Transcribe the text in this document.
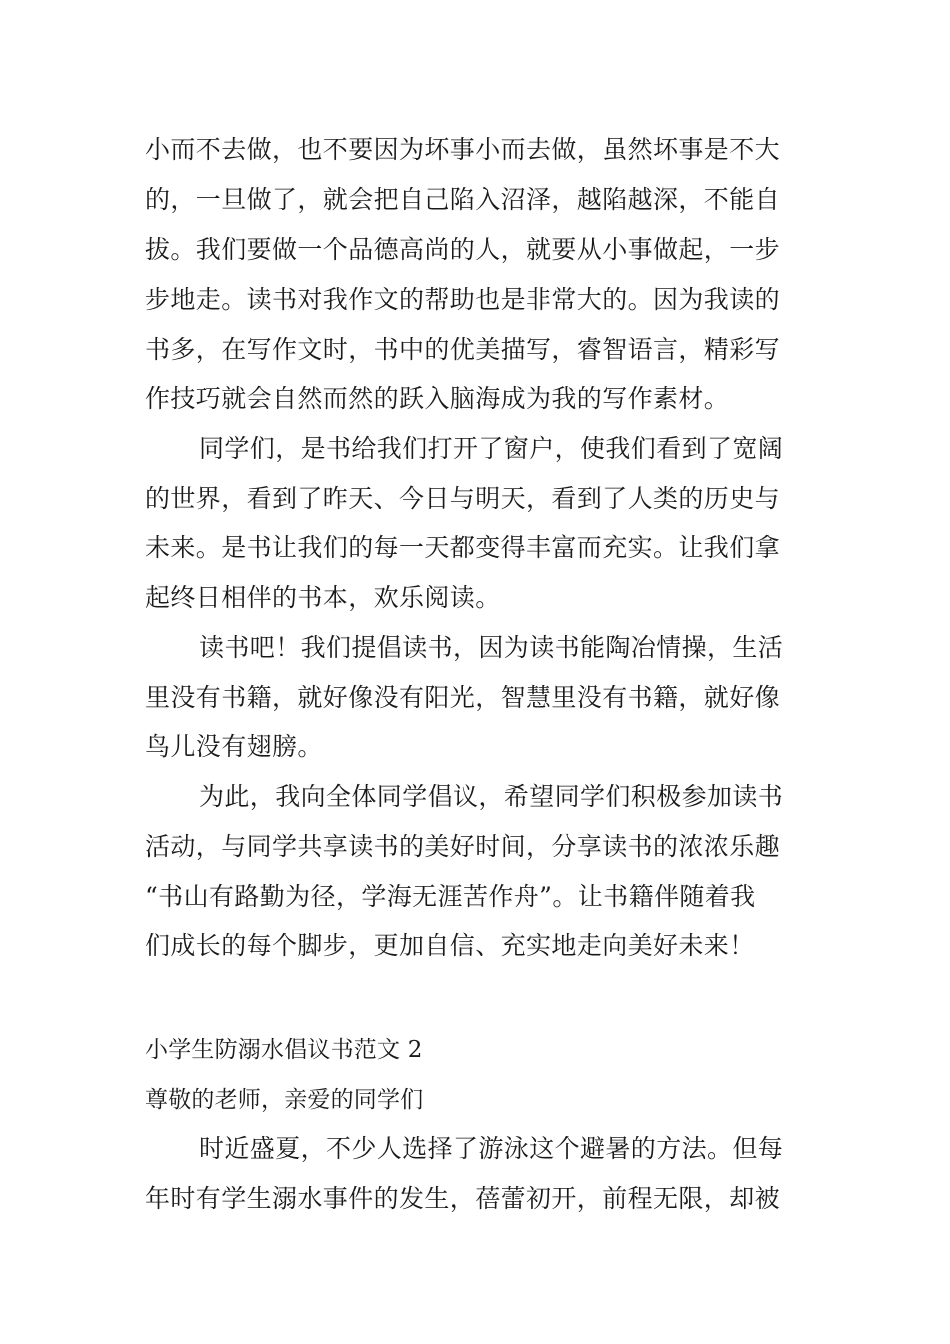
小而不去做，也不要因为坏事小而去做，虽然坏事是不大
的，一旦做了，就会把自己陷入沼泽，越陷越深，不能自
拔。我们要做一个品德高尚的人，就要从小事做起，一步
步地走。读书对我作文的帮助也是非常大的。因为我读的
书多，在写作文时，书中的优美描写，睿智语言，精彩写
作技巧就会自然而然的跃入脑海成为我的写作素材。
同学们，是书给我们打开了窗户，使我们看到了宽阔
的世界，看到了昨天、今日与明天，看到了人类的历史与
未来。是书让我们的每一天都变得丰富而充实。让我们拿
起终日相伴的书本，欢乐阅读。
读书吧！我们提倡读书，因为读书能陶冶情操，生活
里没有书籍，就好像没有阳光，智慧里没有书籍，就好像
鸟儿没有翅膀。
为此，我向全体同学倡议，希望同学们积极参加读书
活动，与同学共享读书的美好时间，分享读书的浓浓乐趣
“书山有路勤为径，学海无涯苦作舟”。让书籍伴随着我
们成长的每个脚步，更加自信、充实地走向美好未来！
小学生防溺水倡议书范文 2
尊敬的老师，亲爱的同学们
时近盛夏，不少人选择了游泳这个避暑的方法。但每
年时有学生溺水事件的发生，蓓蕾初开，前程无限，却被
